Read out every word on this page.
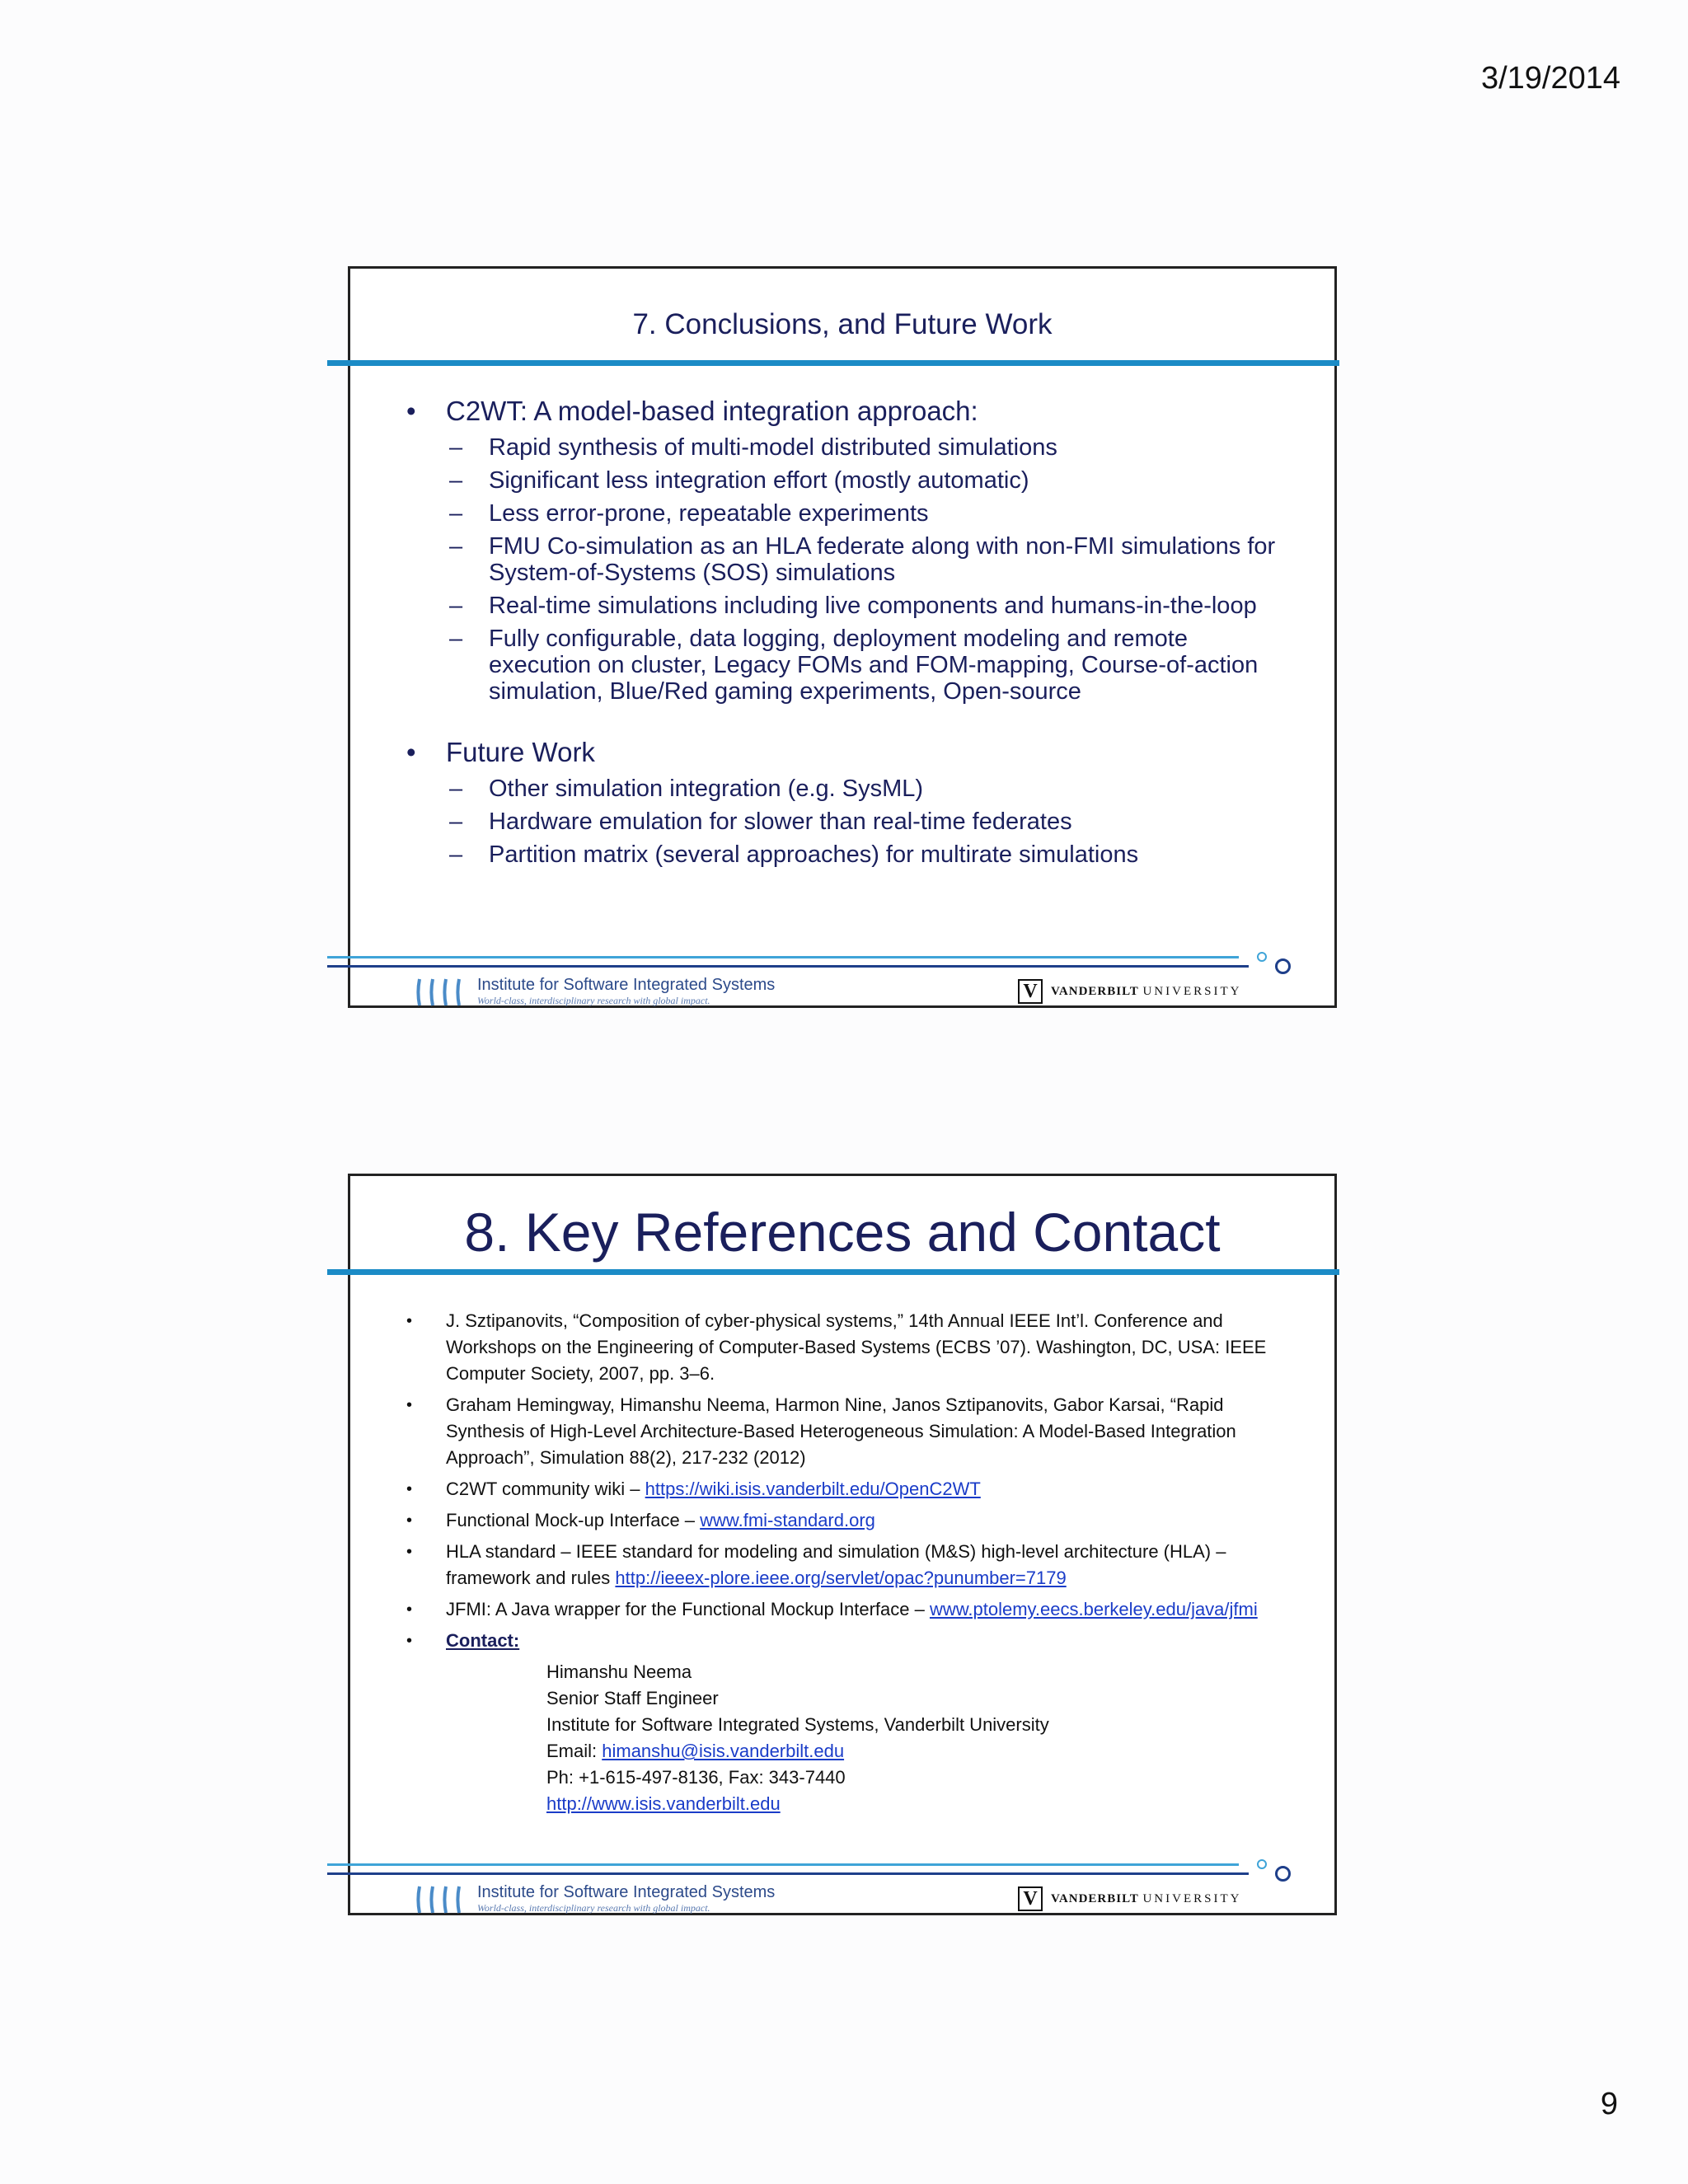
3/19/2014
7. Conclusions, and Future Work
• C2WT: A model-based integration approach:
– Rapid synthesis of multi-model distributed simulations
– Significant less integration effort (mostly automatic)
– Less error-prone, repeatable experiments
– FMU Co-simulation as an HLA federate along with non-FMI simulations for System-of-Systems (SOS) simulations
– Real-time simulations including live components and humans-in-the-loop
– Fully configurable, data logging, deployment modeling and remote execution on cluster, Legacy FOMs and FOM-mapping, Course-of-action simulation, Blue/Red gaming experiments, Open-source
• Future Work
– Other simulation integration (e.g. SysML)
– Hardware emulation for slower than real-time federates
– Partition matrix (several approaches) for multirate simulations
Institute for Software Integrated Systems
World-class, interdisciplinary research with global impact.	V	VANDERBILT UNIVERSITY
8. Key References and Contact
• J. Sztipanovits, “Composition of cyber-physical systems,” 14th Annual IEEE Int’l. Conference and Workshops on the Engineering of Computer-Based Systems (ECBS ’07). Washington, DC, USA: IEEE Computer Society, 2007, pp. 3–6.
• Graham Hemingway, Himanshu Neema, Harmon Nine, Janos Sztipanovits, Gabor Karsai, “Rapid Synthesis of High-Level Architecture-Based Heterogeneous Simulation: A Model-Based Integration Approach”, Simulation 88(2), 217-232 (2012)
• C2WT community wiki – https://wiki.isis.vanderbilt.edu/OpenC2WT
• Functional Mock-up Interface – www.fmi-standard.org
• HLA standard – IEEE standard for modeling and simulation (M&S) high-level architecture (HLA) – framework and rules http://ieeex-plore.ieee.org/servlet/opac?punumber=7179
• JFMI: A Java wrapper for the Functional Mockup Interface – www.ptolemy.eecs.berkeley.edu/java/jfmi
• Contact:
Himanshu Neema
Senior Staff Engineer
Institute for Software Integrated Systems, Vanderbilt University
Email: himanshu@isis.vanderbilt.edu
Ph: +1-615-497-8136, Fax: 343-7440
http://www.isis.vanderbilt.edu
Institute for Software Integrated Systems
World-class, interdisciplinary research with global impact.	V	VANDERBILT UNIVERSITY
9
